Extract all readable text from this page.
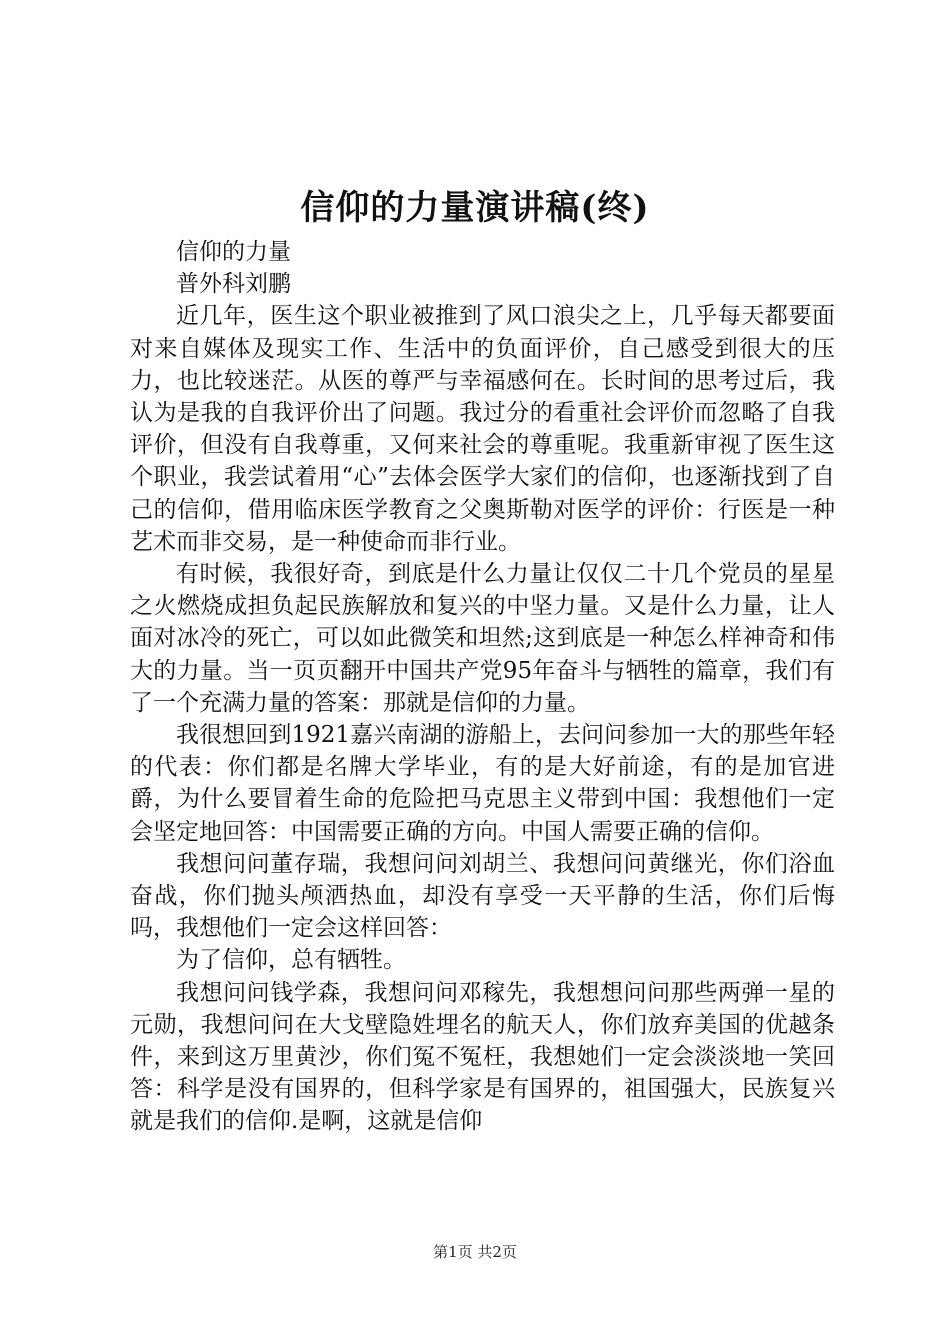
信仰的力量演讲稿(终)

信仰的力量

普外科刘鹏

近几年，医生这个职业被推到了风口浪尖之上，几乎每天都要面对来自媒体及现实工作、生活中的负面评价，自己感受到很大的压力，也比较迷茫。从医的尊严与幸福感何在。长时间的思考过后，我认为是我的自我评价出了问题。我过分的看重社会评价而忽略了自我评价，但没有自我尊重，又何来社会的尊重呢。我重新审视了医生这个职业，我尝试着用“心”去体会医学大家们的信仰，也逐渐找到了自己的信仰，借用临床医学教育之父奥斯勒对医学的评价：行医是一种艺术而非交易，是一种使命而非行业。

有时候，我很好奇，到底是什么力量让仅仅二十几个党员的星星之火燃烧成担负起民族解放和复兴的中坚力量。又是什么力量，让人面对冰冷的死亡，可以如此微笑和坦然;这到底是一种怎么样神奇和伟大的力量。当一页页翻开中国共产党95年奋斗与牺牲的篇章，我们有了一个充满力量的答案：那就是信仰的力量。

我很想回到1921嘉兴南湖的游船上，去问问参加一大的那些年轻的代表：你们都是名牌大学毕业，有的是大好前途，有的是加官进爵，为什么要冒着生命的危险把马克思主义带到中国：我想他们一定会坚定地回答：中国需要正确的方向。中国人需要正确的信仰。

我想问问董存瑞，我想问问刘胡兰、我想问问黄继光，你们浴血奋战，你们抛头颅洒热血，却没有享受一天平静的生活，你们后悔吗，我想他们一定会这样回答：

为了信仰，总有牺牲。

我想问问钱学森，我想问问邓稼先，我想想问问那些两弹一星的元勋，我想问问在大戈壁隐姓埋名的航天人，你们放弃美国的优越条件，来到这万里黄沙，你们冤不冤枉，我想她们一定会淡淡地一笑回答：科学是没有国界的，但科学家是有国界的，祖国强大，民族复兴就是我们的信仰.是啊，这就是信仰

第1页 共2页
